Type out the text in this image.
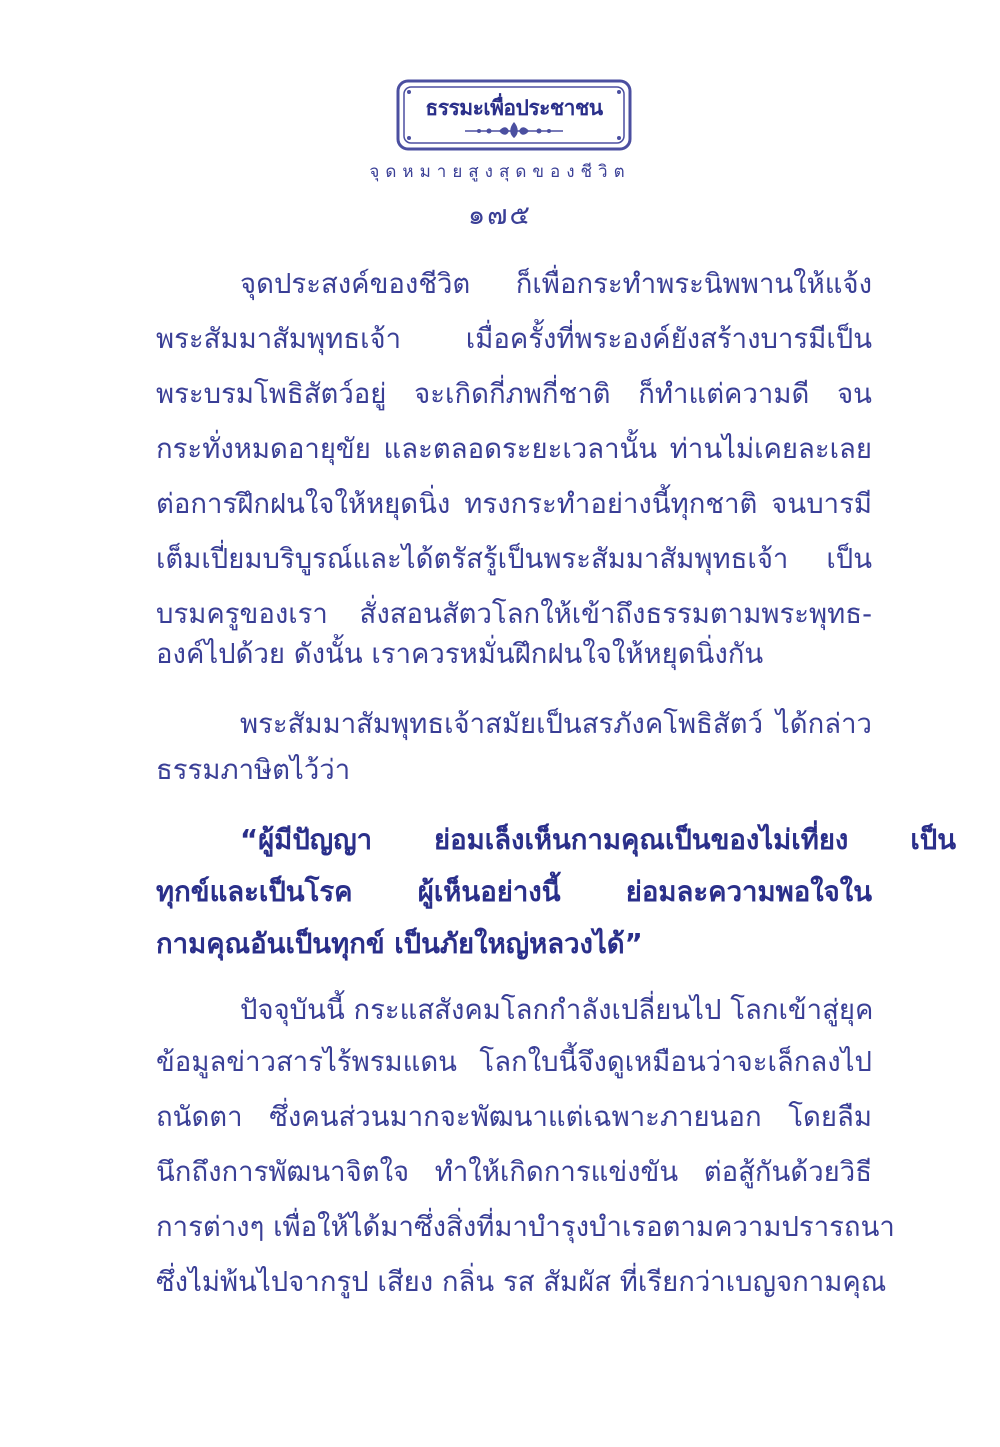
ธรรมะเพื่อประชาชน
จุดหมายสูงสุดของชีวิต
๑๗๕
จุดประสงค์ของชีวิต ก็เพื่อกระทำพระนิพพานให้แจ้ง
พระสัมมาสัมพุทธเจ้า เมื่อครั้งที่พระองค์ยังสร้างบารมีเป็น
พระบรมโพธิสัตว์อยู่ จะเกิดกี่ภพกี่ชาติ ก็ทำแต่ความดี จน
กระทั่งหมดอายุขัย และตลอดระยะเวลานั้น ท่านไม่เคยละเลย
ต่อการฝึกฝนใจให้หยุดนิ่ง ทรงกระทำอย่างนี้ทุกชาติ จนบารมี
เต็มเปี่ยมบริบูรณ์และได้ตรัสรู้เป็นพระสัมมาสัมพุทธเจ้า เป็น
บรมครูของเรา สั่งสอนสัตวโลกให้เข้าถึงธรรมตามพระพุทธ-
องค์ไปด้วย ดังนั้น เราควรหมั่นฝึกฝนใจให้หยุดนิ่งกัน
พระสัมมาสัมพุทธเจ้าสมัยเป็นสรภังคโพธิสัตว์ ได้กล่าว
ธรรมภาษิตไว้ว่า
“ผู้มีปัญญา ย่อมเล็งเห็นกามคุณเป็นของไม่เที่ยง เป็น
ทุกข์และเป็นโรค ผู้เห็นอย่างนี้ ย่อมละความพอใจใน
กามคุณอันเป็นทุกข์ เป็นภัยใหญ่หลวงได้”
ปัจจุบันนี้ กระแสสังคมโลกกำลังเปลี่ยนไป โลกเข้าสู่ยุค
ข้อมูลข่าวสารไร้พรมแดน โลกใบนี้จึงดูเหมือนว่าจะเล็กลงไป
ถนัดตา ซึ่งคนส่วนมากจะพัฒนาแต่เฉพาะภายนอก โดยลืม
นึกถึงการพัฒนาจิตใจ ทำให้เกิดการแข่งขัน ต่อสู้กันด้วยวิธี
การต่างๆ เพื่อให้ได้มาซึ่งสิ่งที่มาบำรุงบำเรอตามความปรารถนา
ซึ่งไม่พ้นไปจากรูป เสียง กลิ่น รส สัมผัส ที่เรียกว่าเบญจกามคุณ
